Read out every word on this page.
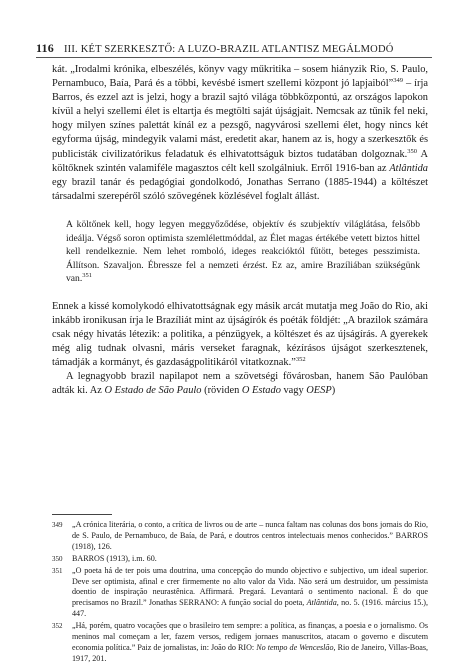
116 III. KÉT SZERKESZTŐ: A LUZO-BRAZIL ATLANTISZ MEGÁLMODÓ

kát. „Irodalmi krónika, elbeszélés, könyv vagy műkritika – sosem hiányzik Rio, S. Paulo, Pernambuco, Baía, Pará és a többi, kevésbé ismert szellemi központ jó lapjaiból”$^{349}$ – írja Barros, és ezzel azt is jelzi, hogy a brazil sajtó világa többközpontú, az országos lapokon kívül a helyi szellemi élet is eltartja és megtölti saját újságjait. Nemcsak az tűnik fel neki, hogy milyen színes palettát kínál ez a pezsgő, nagyvárosi szellemi élet, hogy nincs két egyforma újság, mindegyik valami mást, eredetit akar, hanem az is, hogy a szerkesztők és publicisták civilizatórikus feladatuk és elhivatottságuk biztos tudatában dolgoznak.$^{350}$ A költőknek szintén valamiféle magasztos célt kell szolgálniuk. Erről 1916-ban az Atlântida egy brazil tanár és pedagógiai gondolkodó, Jonathas Serrano (1885-1944) a költészet társadalmi szerepéről szóló szövegének közlésével foglalt állást.

A költőnek kell, hogy legyen meggyőződése, objektív és szubjektív világlátása, felsőbb ideálja. Végső soron optimista szemlélettmóddal, az Élet magas értékébe vetett biztos hittel kell rendelkeznie. Nem lehet romboló, ideges reakcióktól fűtött, beteges pesszimista. Állítson. Szavaljon. Ébressze fel a nemzeti érzést. Ez az, amire Brazíliában szükségünk van.$^{351}$

Ennek a kissé komolykodó elhivatottságnak egy másik arcát mutatja meg João do Rio, aki inkább ironikusan írja le Brazíliát mint az újságírók és poéták földjét: „A brazilok számára csak négy hivatás létezik: a politika, a pénzügyek, a költészet és az újságírás. A gyerekek még alig tudnak olvasni, máris verseket faragnak, kézírásos újságot szerkesztenek, támadják a kormányt, és gazdaságpolitikáról vitatkoznak.”$^{352}$

A legnagyobb brazil napilapot nem a szövetségi fővárosban, hanem São Paulóban adták ki. Az O Estado de São Paulo (röviden O Estado vagy OESP)

349 „A crónica literária, o conto, a crítica de livros ou de arte – nunca faltam nas colunas dos bons jornais do Rio, de S. Paulo, de Pernambuco, de Baía, de Pará, e doutros centros intelectuais menos conhecidos.” BARROS (1918), 126.
350 BARROS (1913), i.m. 60.
351 „O poeta há de ter pois uma doutrina, uma concepção do mundo objectivo e subjectivo, um ideal superior. Deve ser optimista, afinal e crer firmemente no alto valor da Vida. Não será um destruidor, um pessimista doentio de inspiração neurastênica. Affirmará. Pregará. Levantará o sentimento nacional. É do que precisamos no Brazil.” Jonathas SERRANO: A função social do poeta, Atlântida, no. 5. (1916. március 15.), 447.
352 „Há, porém, quatro vocações que o brasileiro tem sempre: a política, as finanças, a poesia e o jornalismo. Os meninos mal começam a ler, fazem versos, redigem jornaes manuscritos, atacam o governo e discutem economia política.” Paiz de jornalistas, in: João do RIO: No tempo de Wenceslão, Rio de Janeiro, Villas-Boas, 1917, 201.
